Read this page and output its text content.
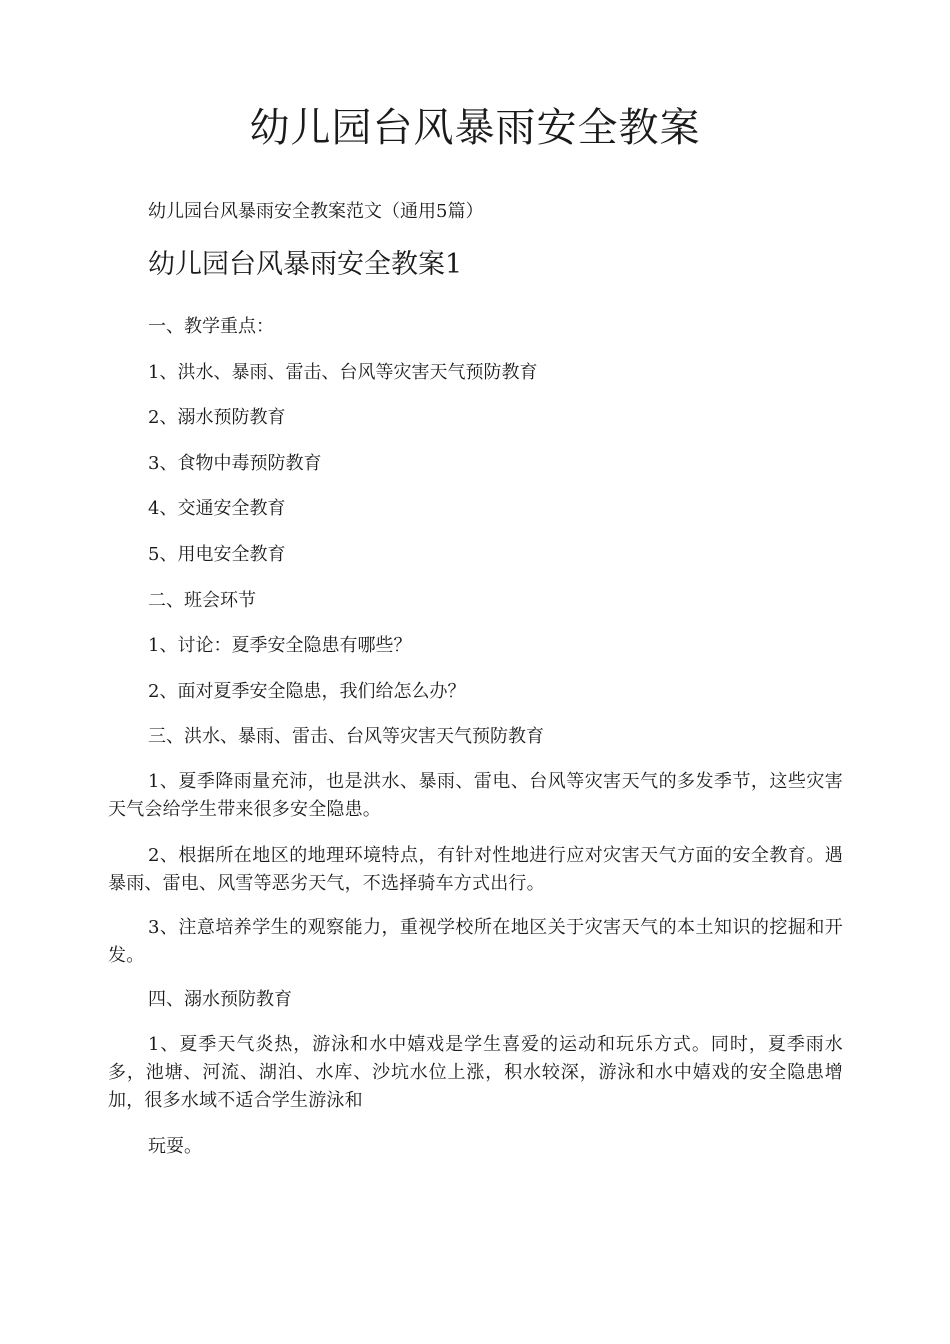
幼儿园台风暴雨安全教案

幼儿园台风暴雨安全教案范文（通用5篇）

幼儿园台风暴雨安全教案1

一、教学重点：

1、洪水、暴雨、雷击、台风等灾害天气预防教育

2、溺水预防教育

3、食物中毒预防教育

4、交通安全教育

5、用电安全教育

二、班会环节

1、讨论：夏季安全隐患有哪些？

2、面对夏季安全隐患，我们给怎么办？

三、洪水、暴雨、雷击、台风等灾害天气预防教育

1、夏季降雨量充沛，也是洪水、暴雨、雷电、台风等灾害天气的多发季节，这些灾害天气会给学生带来很多安全隐患。

2、根据所在地区的地理环境特点，有针对性地进行应对灾害天气方面的安全教育。遇暴雨、雷电、风雪等恶劣天气，不选择骑车方式出行。

3、注意培养学生的观察能力，重视学校所在地区关于灾害天气的本土知识的挖掘和开发。

四、溺水预防教育

1、夏季天气炎热，游泳和水中嬉戏是学生喜爱的运动和玩乐方式。同时，夏季雨水多，池塘、河流、湖泊、水库、沙坑水位上涨，积水较深，游泳和水中嬉戏的安全隐患增加，很多水域不适合学生游泳和

玩耍。
